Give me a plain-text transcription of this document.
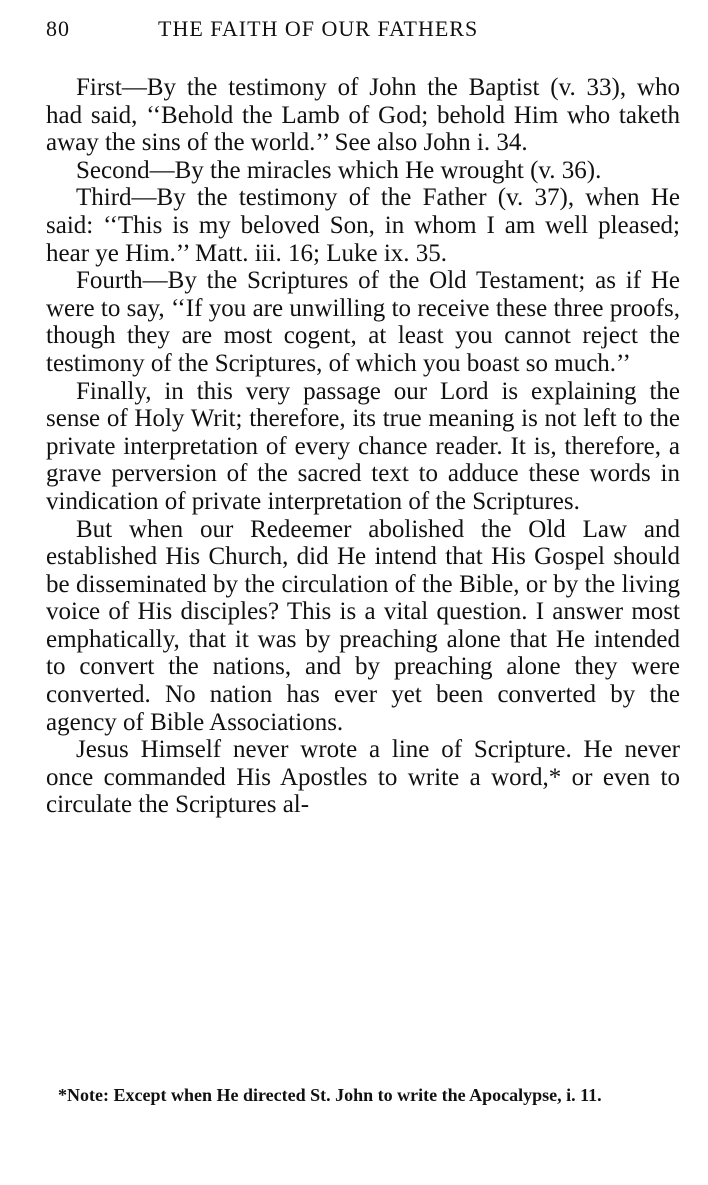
80	THE FAITH OF OUR FATHERS

First—By the testimony of John the Baptist (v. 33), who had said, ‘‘Behold the Lamb of God; behold Him who taketh away the sins of the world.’’ See also John i. 34.

Second—By the miracles which He wrought (v. 36).

Third—By the testimony of the Father (v. 37), when He said: ‘‘This is my beloved Son, in whom I am well pleased; hear ye Him.’’ Matt. iii. 16; Luke ix. 35.

Fourth—By the Scriptures of the Old Testament; as if He were to say, ‘‘If you are unwilling to receive these three proofs, though they are most cogent, at least you cannot reject the testimony of the Scriptures, of which you boast so much.’’

Finally, in this very passage our Lord is explaining the sense of Holy Writ; therefore, its true meaning is not left to the private interpretation of every chance reader. It is, therefore, a grave perversion of the sacred text to adduce these words in vindication of private interpretation of the Scriptures.

But when our Redeemer abolished the Old Law and established His Church, did He intend that His Gospel should be disseminated by the circulation of the Bible, or by the living voice of His disciples? This is a vital question. I answer most emphatically, that it was by preaching alone that He intended to convert the nations, and by preaching alone they were converted. No nation has ever yet been converted by the agency of Bible Associations.

Jesus Himself never wrote a line of Scripture. He never once commanded His Apostles to write a word,* or even to circulate the Scriptures al-

*Note: Except when He directed St. John to write the Apocalypse, i. 11.
